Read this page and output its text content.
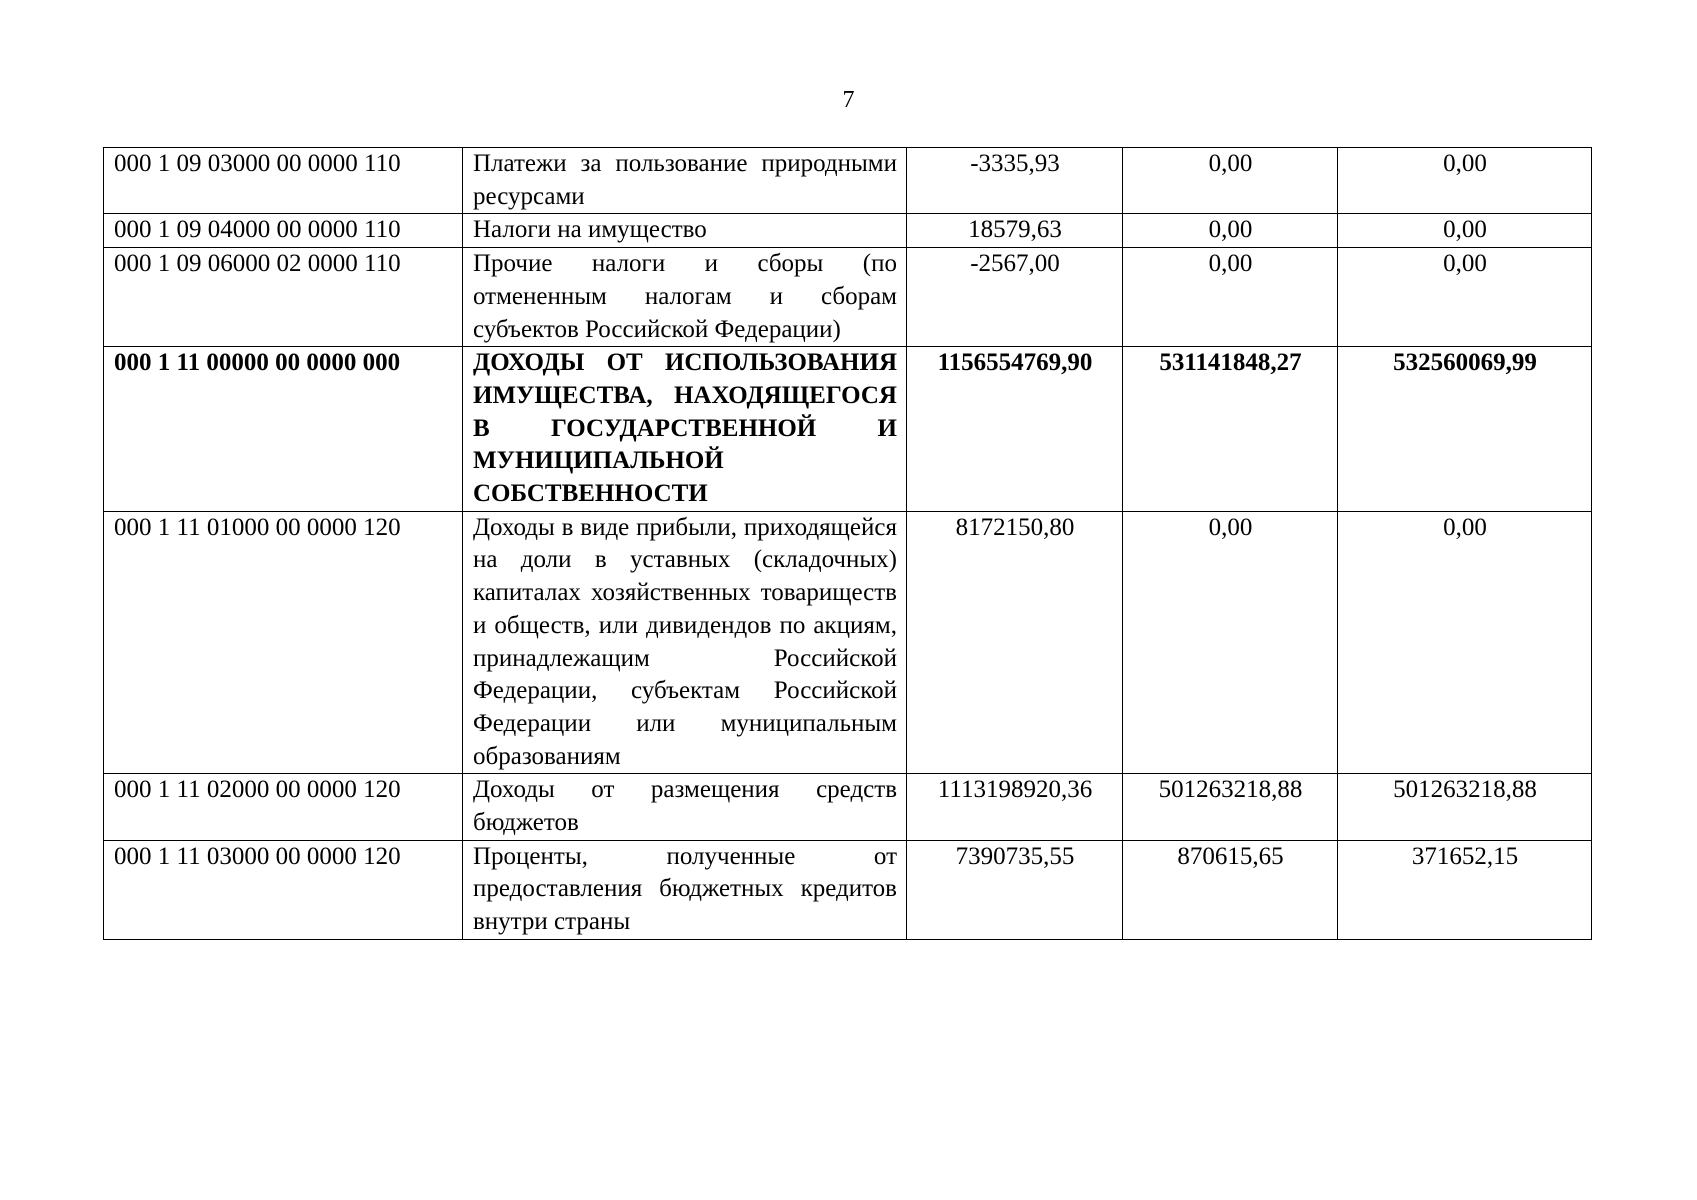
7
000 1 09 03000 00 0000 110	Платежи за пользование природными ресурсами	-3335,93	0,00	0,00
000 1 09 04000 00 0000 110	Налоги на имущество	18579,63	0,00	0,00
000 1 09 06000 02 0000 110	Прочие налоги и сборы (по отмененным налогам и сборам субъектов Российской Федерации)	-2567,00	0,00	0,00
000 1 11 00000 00 0000 000	ДОХОДЫ ОТ ИСПОЛЬЗОВАНИЯ ИМУЩЕСТВА, НАХОДЯЩЕГОСЯ В ГОСУДАРСТВЕННОЙ И МУНИЦИПАЛЬНОЙ СОБСТВЕННОСТИ	1156554769,90	531141848,27	532560069,99
000 1 11 01000 00 0000 120	Доходы в виде прибыли, приходящейся на доли в уставных (складочных) капиталах хозяйственных товариществ и обществ, или дивидендов по акциям, принадлежащим Российской Федерации, субъектам Российской Федерации или муниципальным образованиям	8172150,80	0,00	0,00
000 1 11 02000 00 0000 120	Доходы от размещения средств бюджетов	1113198920,36	501263218,88	501263218,88
000 1 11 03000 00 0000 120	Проценты, полученные от предоставления бюджетных кредитов внутри страны	7390735,55	870615,65	371652,15
